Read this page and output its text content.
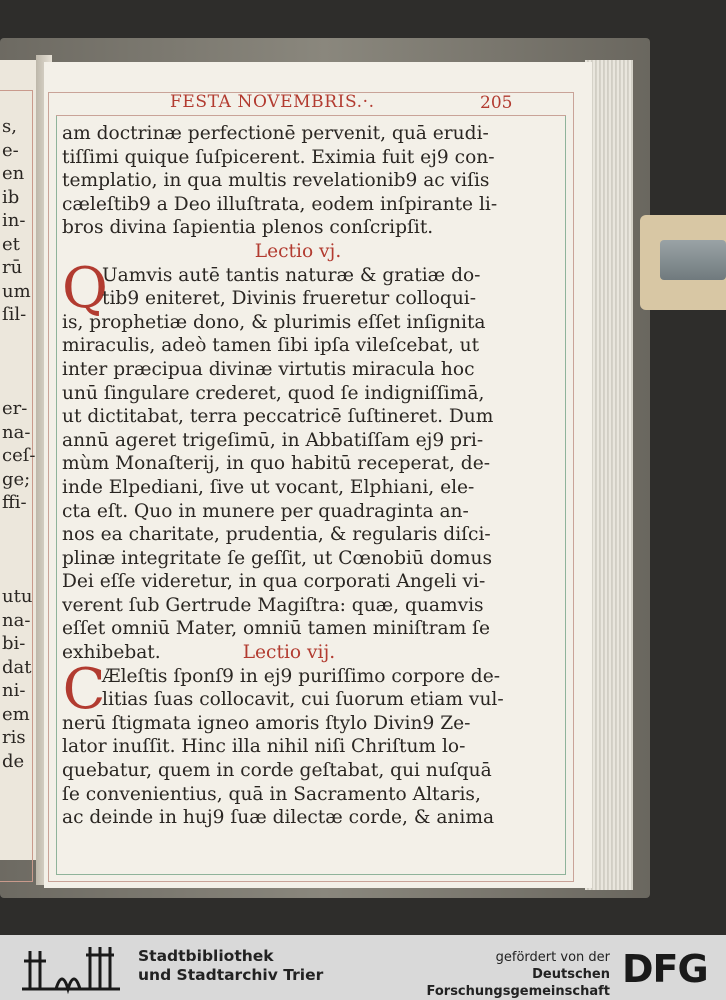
s,
e-
en
ib
in-
et
rū
um
ſil-
er-
na-
ceſ-
ge;
ffi-
utu
na-
bi-
dat
ni-
em
ris
de
FESTA NOVEMBRIS.·.	205
am doctrinæ perfectionē pervenit, quā erudi-
tiſſimi quique ſuſpicerent. Eximia fuit ej9 con-
templatio, in qua multis revelationib9 ac viſis
cæleſtib9 a Deo illuſtrata, eodem inſpirante li-
bros divina ſapientia plenos conſcripſit.
Lectio vj.
Q
Uamvis autē tantis naturæ & gratiæ do-
tib9 eniteret, Divinis frueretur colloqui-
is, prophetiæ dono, & plurimis eſſet inſignita
miraculis, adeò tamen ſibi ipſa vileſcebat, ut
inter præcipua divinæ virtutis miracula hoc
unū ſingulare crederet, quod ſe indigniſſimā,
ut dictitabat, terra peccatricē ſuſtineret. Dum
annū ageret trigeſimū, in Abbatiſſam ej9 pri-
mùm Monaſterij, in quo habitū receperat, de-
inde Elpediani, ſive ut vocant, Elphiani, ele-
cta eſt. Quo in munere per quadraginta an-
nos ea charitate, prudentia, & regularis diſci-
plinæ integritate ſe geſſit, ut Cœnobiū domus
Dei eſſe videretur, in qua corporati Angeli vi-
verent ſub Gertrude Magiſtra: quæ, quamvis
eſſet omniū Mater, omniū tamen miniſtram ſe
exhibebat.	Lectio vij.
C
Æleſtis ſponſ9 in ej9 puriſſimo corpore de-
litias ſuas collocavit, cui ſuorum etiam vul-
nerū ſtigmata igneo amoris ſtylo Divin9 Ze-
lator inuſſit. Hinc illa nihil niſi Chriſtum lo-
quebatur, quem in corde geſtabat, qui nuſquā
ſe convenientius, quā in Sacramento Altaris,
ac deinde in huj9 ſuæ dilectæ corde, & anima
Stadtbibliothek
und Stadtarchiv Trier
gefördert von der
Deutschen Forschungsgemeinschaft
DFG
